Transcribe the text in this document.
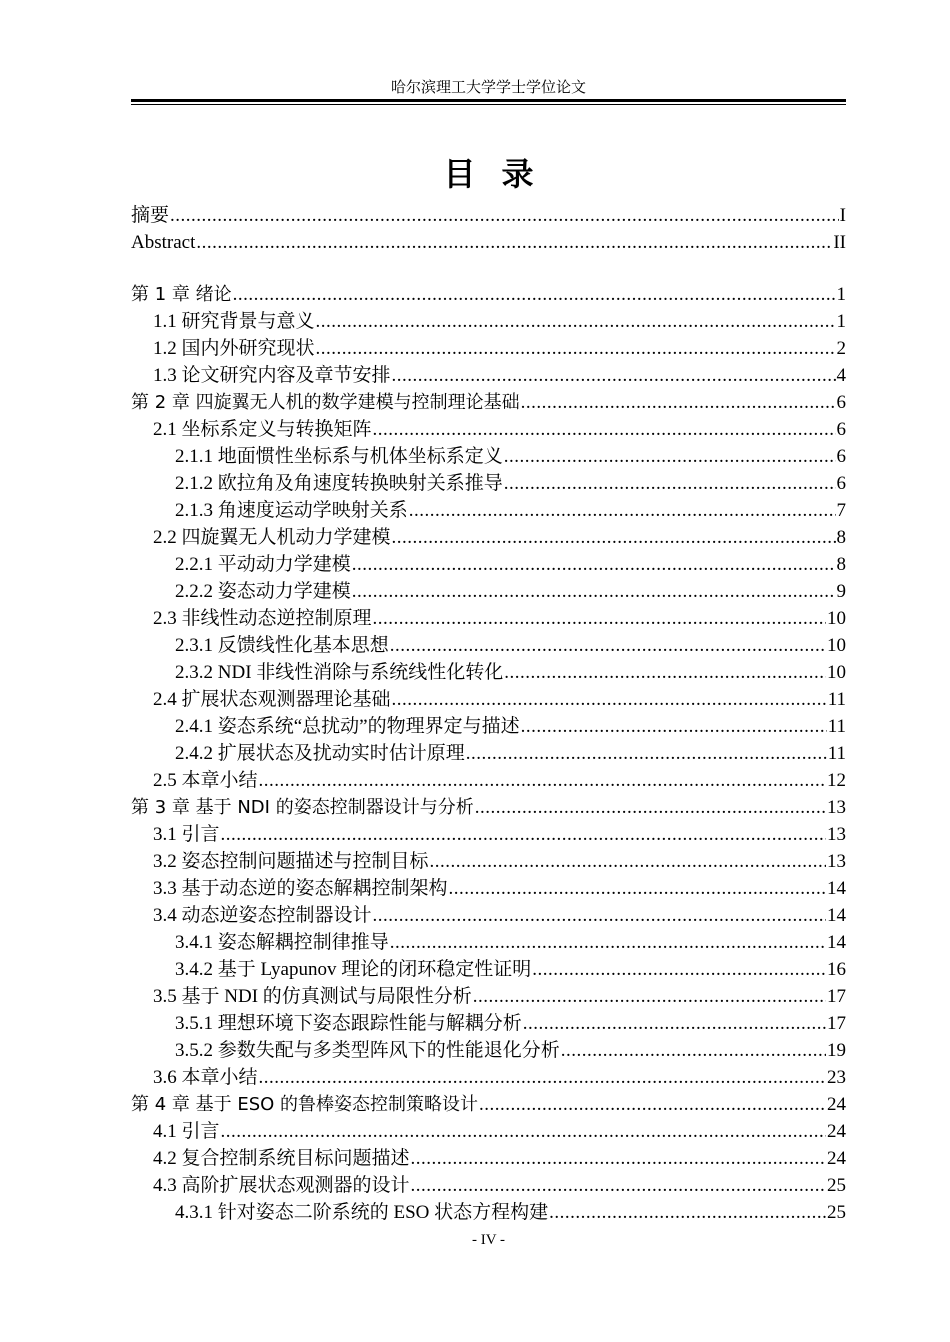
哈尔滨理工大学学士学位论文
目录
摘要 .....	I
Abstract .....	II
第 1 章 绪论 .....	1
1.1 研究背景与意义 .....	1
1.2 国内外研究现状 .....	2
1.3 论文研究内容及章节安排 .....	4
第 2 章 四旋翼无人机的数学建模与控制理论基础 .....	6
2.1 坐标系定义与转换矩阵 .....	6
2.1.1 地面惯性坐标系与机体坐标系定义 .....	6
2.1.2 欧拉角及角速度转换映射关系推导 .....	6
2.1.3 角速度运动学映射关系 .....	7
2.2 四旋翼无人机动力学建模 .....	8
2.2.1 平动动力学建模 .....	8
2.2.2 姿态动力学建模 .....	9
2.3 非线性动态逆控制原理 .....	10
2.3.1 反馈线性化基本思想 .....	10
2.3.2 NDI 非线性消除与系统线性化转化 .....	10
2.4 扩展状态观测器理论基础 .....	11
2.4.1 姿态系统“总扰动”的物理界定与描述 .....	11
2.4.2 扩展状态及扰动实时估计原理 .....	11
2.5 本章小结 .....	12
第 3 章 基于 NDI 的姿态控制器设计与分析 .....	13
3.1 引言 .....	13
3.2 姿态控制问题描述与控制目标 .....	13
3.3 基于动态逆的姿态解耦控制架构 .....	14
3.4 动态逆姿态控制器设计 .....	14
3.4.1 姿态解耦控制律推导 .....	14
3.4.2 基于 Lyapunov 理论的闭环稳定性证明 .....	16
3.5 基于 NDI 的仿真测试与局限性分析 .....	17
3.5.1 理想环境下姿态跟踪性能与解耦分析 .....	17
3.5.2 参数失配与多类型阵风下的性能退化分析 .....	19
3.6 本章小结 .....	23
第 4 章 基于 ESO 的鲁棒姿态控制策略设计 .....	24
4.1 引言 .....	24
4.2 复合控制系统目标问题描述 .....	24
4.3 高阶扩展状态观测器的设计 .....	25
4.3.1 针对姿态二阶系统的 ESO 状态方程构建 .....	25
- IV -
